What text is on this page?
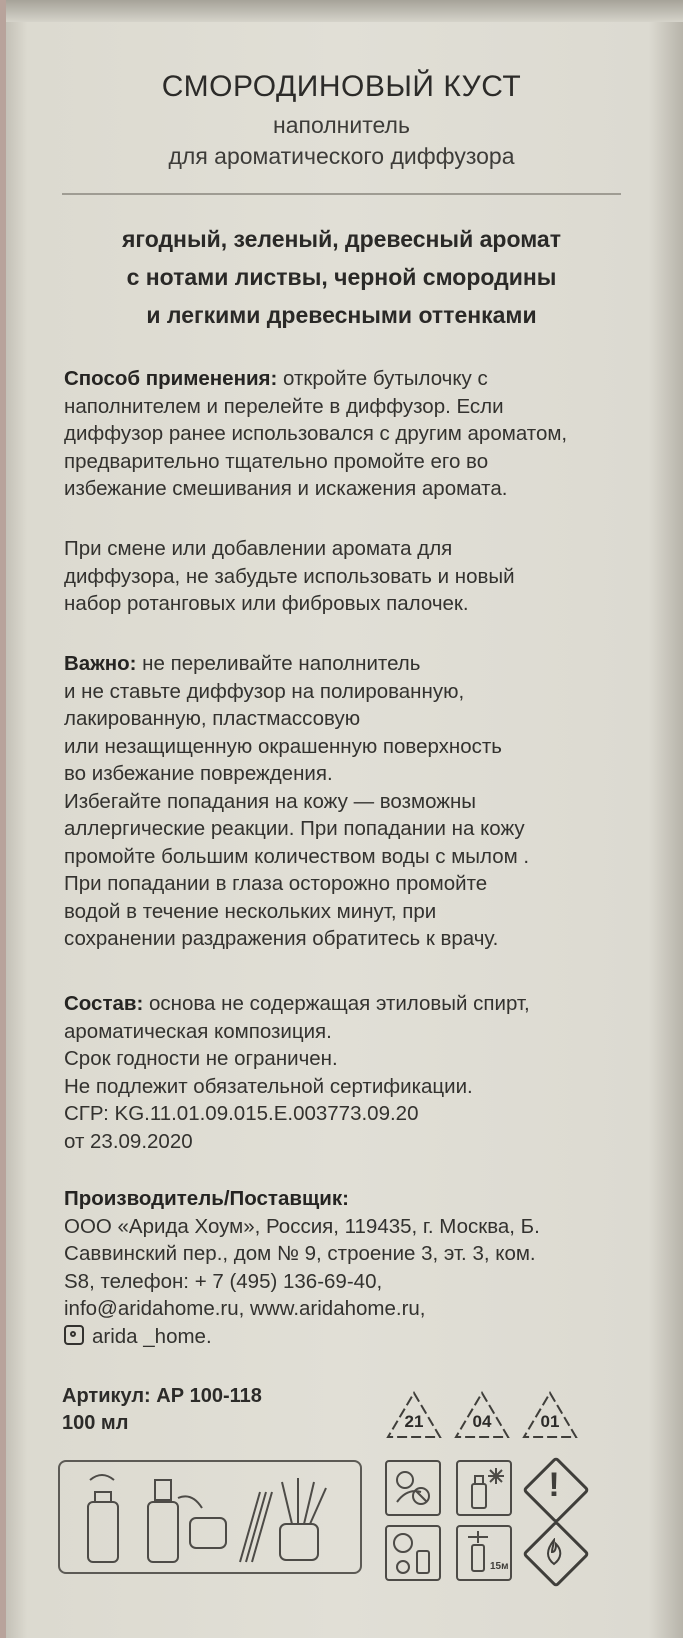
СМОРОДИНОВЫЙ КУСТ
наполнитель
для ароматического диффузора
ягодный, зеленый, древесный аромат
с нотами листвы, черной смородины
и легкими древесными оттенками
Способ применения: откройте бутылочку с
наполнителем и перелейте в диффузор. Если
диффузор ранее использовался с другим ароматом,
предварительно тщательно промойте его во
избежание смешивания и искажения аромата.
При смене или добавлении аромата для
диффузора, не забудьте использовать и новый
набор ротанговых или фибровых палочек.
Важно: не переливайте наполнитель
и не ставьте диффузор на полированную,
лакированную, пластмассовую
или незащищенную окрашенную поверхность
во избежание повреждения.
Избегайте попадания на кожу — возможны
аллергические реакции. При попадании на кожу
промойте большим количеством воды с мылом .
При попадании в глаза осторожно промойте
водой в течение нескольких минут, при
сохранении раздражения обратитесь к врачу.
Состав: основа не содержащая этиловый спирт,
ароматическая композиция.
Срок годности не ограничен.
Не подлежит обязательной сертификации.
СГР: KG.11.01.09.015.E.003773.09.20
от 23.09.2020
Производитель/Поставщик:
ООО «Арида Хоум», Россия, 119435, г. Москва, Б.
Саввинский пер., дом № 9, строение 3, эт. 3, ком.
S8, телефон: + 7 (495) 136-69-40,
info@aridahome.ru, www.aridahome.ru,
arida _home.
Артикул: АР 100-118
100 мл	21	04	01
!
15м
